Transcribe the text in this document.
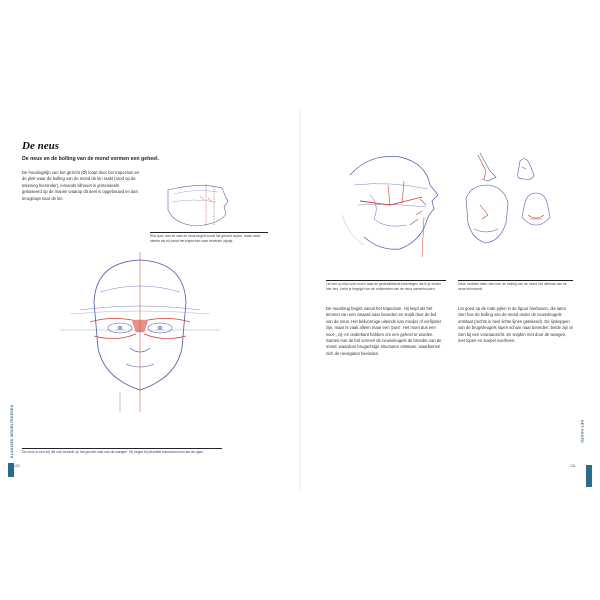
De neus

De neus en de bolling van de mond vormen een geheel.

De houdingslijn van het gezicht (Ø) loopt door het trapezium en de plek waar de bolling van de mond de kin raakt (rood op de tekening hieronder), iemands silhouet is grotendeels gebaseerd op de manier waarop dit deel is opgebouwd en dan terugloopt naar de kin.

Rist quoi, dan ve vast de neus begint wordt het gesicht taylon, maar moet steeds als hij vanaf het trapezium naar beneden wijzigt.

De neus is een vrij die zich bevindt op het gezicht vlak van de wangen. Hij begint bij dezelfde trapeziumvorm als de ogen.

KLASSIEK MODELTEKENEN
130

Let wel op mijn oren rozen naar de gedetailleerde tekeningen die ik je verder hier ziet. Liefst je begrijpt hoe de onderdelen van de neus samenhouden.

Deze hoofden laten zien hoe de bolling van de mond het uiteinde van de neus beïnvloedt.

De neusbrug begint vanuit het trapezium. Hij loopt als het lemmet van een zwaard naar beneden en snijdt door de bol van de neus. Het beilvormige uiteinde kan rondjer of verfijnder zijn, maar is vaak alleen maar een 'punt'. Het moet dus een voor-, zij- en onderkant hebben om een geheel te worden. Samen met de bol vormen de neusvleugels de breedte van de mond, waardoor brugachtige structuren ontstaan, waarbinnen zich de neusgaten bevinden.

Let goed op de rode pijlen in de figuur hierboven, die laten zien hoe de bolling van de mond onder de neusvleugels ontstaat (rechts in heel lichte lijnen getekend). De lijnkoppen van de brug/vleugels lopen schuin naar beneden: beide zijn te zien bij een vooraanzicht. Ze snijden met door de wangen, met lopen en soepel overheen.

HET HOOFD
131
